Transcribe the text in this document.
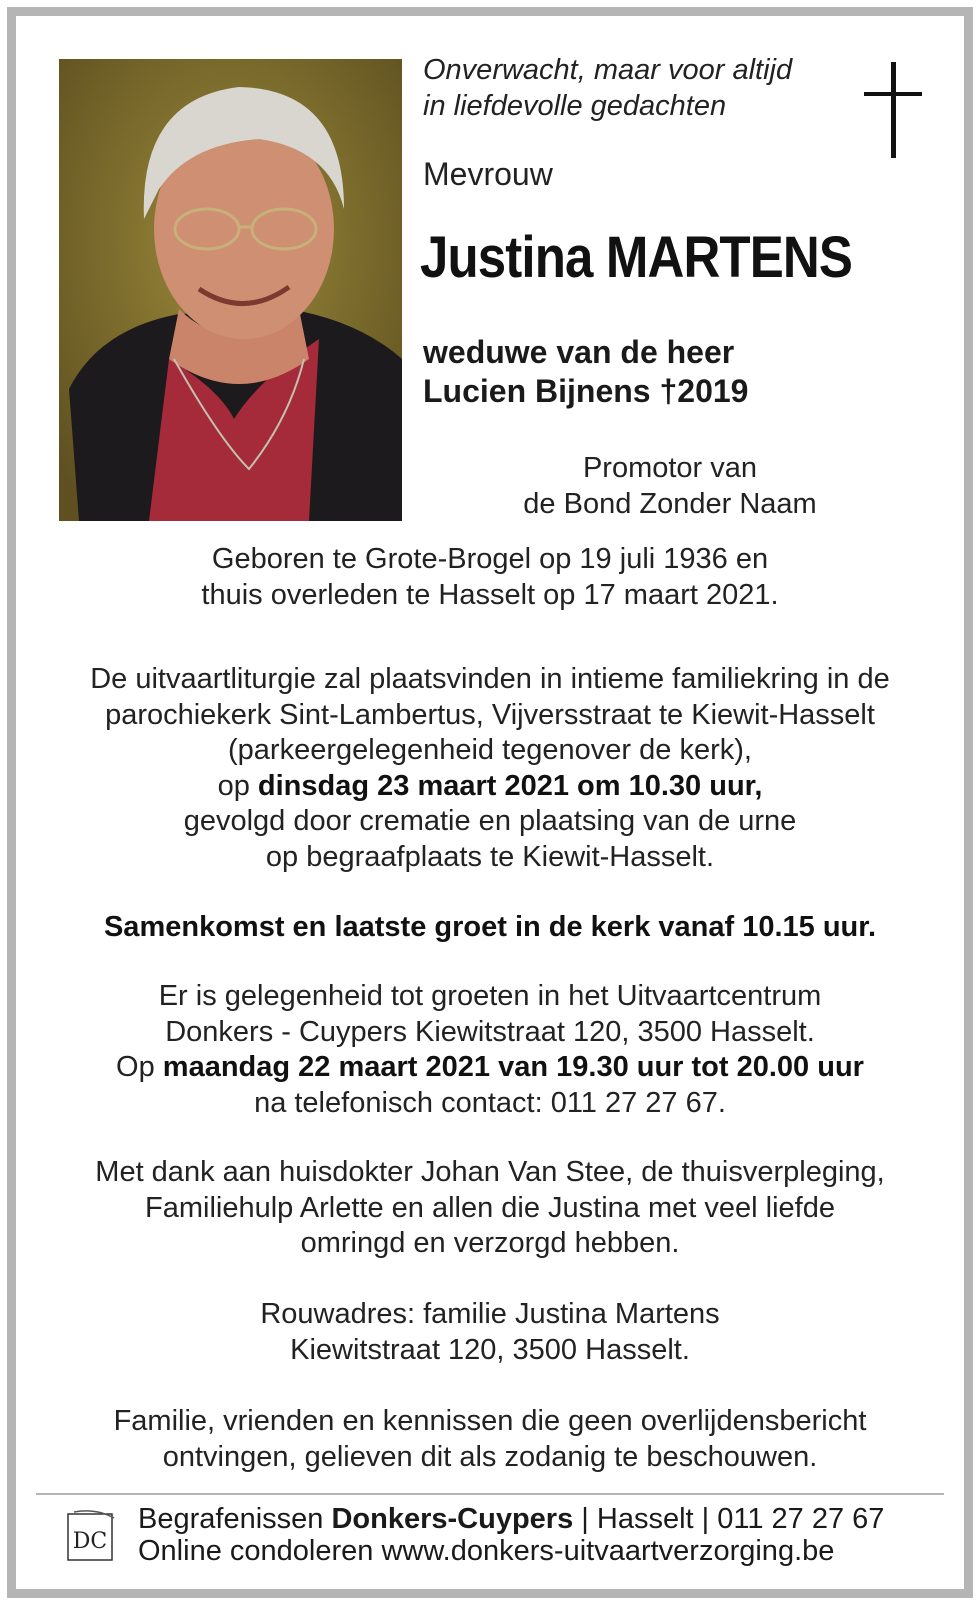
Onverwacht, maar voor altijd
in liefdevolle gedachten
Mevrouw
Justina MARTENS
weduwe van de heer
Lucien Bijnens †2019
Promotor van
de Bond Zonder Naam
Geboren te Grote-Brogel op 19 juli 1936 en
thuis overleden te Hasselt op 17 maart 2021.
De uitvaartliturgie zal plaatsvinden in intieme familiekring in de
parochiekerk Sint-Lambertus, Vijversstraat te Kiewit-Hasselt
(parkeergelegenheid tegenover de kerk),
op dinsdag 23 maart 2021 om 10.30 uur,
gevolgd door crematie en plaatsing van de urne
op begraafplaats te Kiewit-Hasselt.
Samenkomst en laatste groet in de kerk vanaf 10.15 uur.
Er is gelegenheid tot groeten in het Uitvaartcentrum
Donkers - Cuypers Kiewitstraat 120, 3500 Hasselt.
Op maandag 22 maart 2021 van 19.30 uur tot 20.00 uur
na telefonisch contact: 011 27 27 67.
Met dank aan huisdokter Johan Van Stee, de thuisverpleging,
Familiehulp Arlette en allen die Justina met veel liefde
omringd en verzorgd hebben.
Rouwadres: familie Justina Martens
Kiewitstraat 120, 3500 Hasselt.
Familie, vrienden en kennissen die geen overlijdensbericht
ontvingen, gelieven dit als zodanig te beschouwen.
DC
Begrafenissen Donkers-Cuypers | Hasselt | 011 27 27 67
Online condoleren www.donkers-uitvaartverzorging.be
